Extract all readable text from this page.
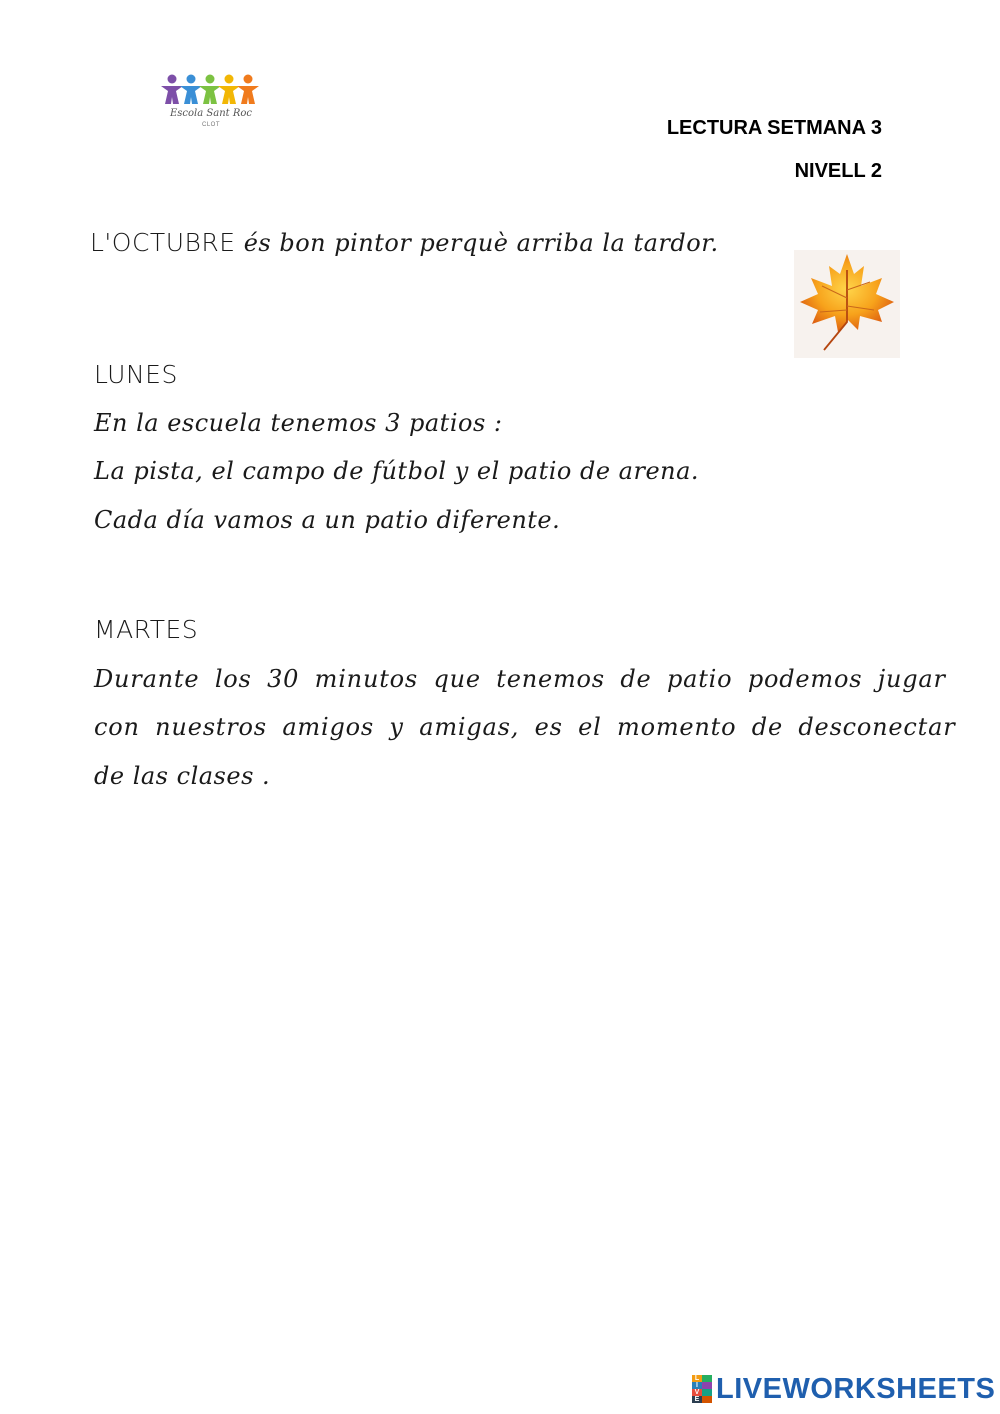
Escola Sant Roc
CLOT	LECTURA SETMANA 3
NIVELL 2
L'OCTUBRE és bon pintor perquè arriba la tardor.
LUNES
En la escuela tenemos 3 patios :
La pista, el campo de fútbol y el patio de arena.
Cada día vamos a un patio diferente.
MARTES
Durante los 30 minutos que tenemos de patio podemos jugar
con nuestros amigos y amigas, es el momento de desconectar
de las clases .
L
I
V
E LIVEWORKSHEETS
